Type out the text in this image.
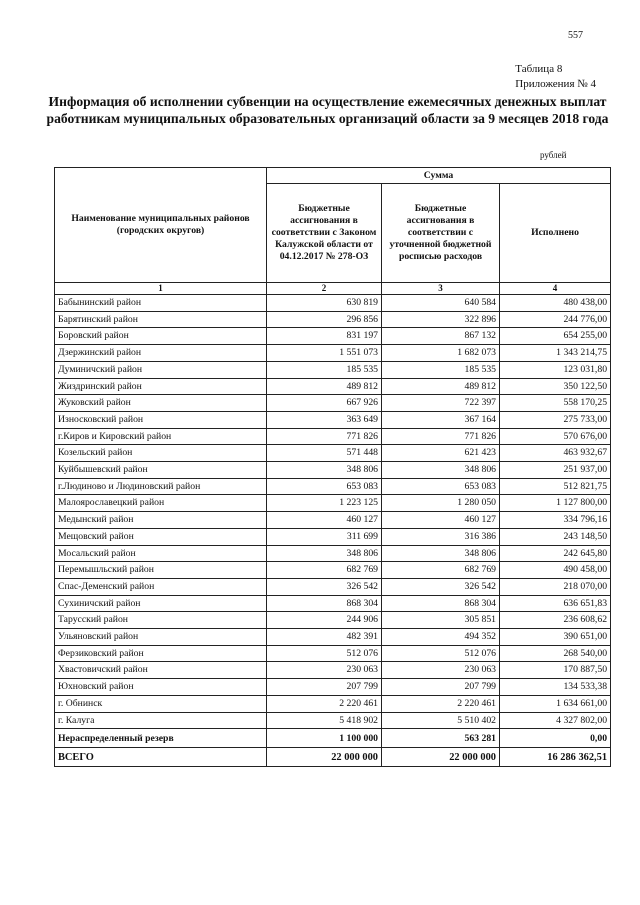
557
Таблица 8
Приложения № 4
Информация об исполнении субвенции на осуществление ежемесячных денежных выплат работникам муниципальных образовательных организаций области за 9 месяцев 2018 года
рублей
Наименование муниципальных районов (городских округов)	Сумма		
	Бюджетные ассигнования в соответствии с Законом Калужской области от 04.12.2017 № 278-ОЗ	Бюджетные ассигнования в соответствии с уточненной бюджетной росписью расходов	Исполнено
1	2	3	4
Бабынинский район	630 819	640 584	480 438,00
Барятинский район	296 856	322 896	244 776,00
Боровский район	831 197	867 132	654 255,00
Дзержинский район	1 551 073	1 682 073	1 343 214,75
Думиничский район	185 535	185 535	123 031,80
Жиздринский район	489 812	489 812	350 122,50
Жуковский район	667 926	722 397	558 170,25
Износковский район	363 649	367 164	275 733,00
г.Киров и Кировский район	771 826	771 826	570 676,00
Козельский район	571 448	621 423	463 932,67
Куйбышевский район	348 806	348 806	251 937,00
г.Людиново и Людиновский район	653 083	653 083	512 821,75
Малоярославецкий район	1 223 125	1 280 050	1 127 800,00
Медынский район	460 127	460 127	334 796,16
Мещовский район	311 699	316 386	243 148,50
Мосальский район	348 806	348 806	242 645,80
Перемышльский район	682 769	682 769	490 458,00
Спас-Деменский район	326 542	326 542	218 070,00
Сухиничский район	868 304	868 304	636 651,83
Тарусский район	244 906	305 851	236 608,62
Ульяновский район	482 391	494 352	390 651,00
Ферзиковский район	512 076	512 076	268 540,00
Хвастовичский район	230 063	230 063	170 887,50
Юхновский район	207 799	207 799	134 533,38
г. Обнинск	2 220 461	2 220 461	1 634 661,00
г. Калуга	5 418 902	5 510 402	4 327 802,00
Нераспределенный резерв	1 100 000	563 281	0,00
ВСЕГО	22 000 000	22 000 000	16 286 362,51
